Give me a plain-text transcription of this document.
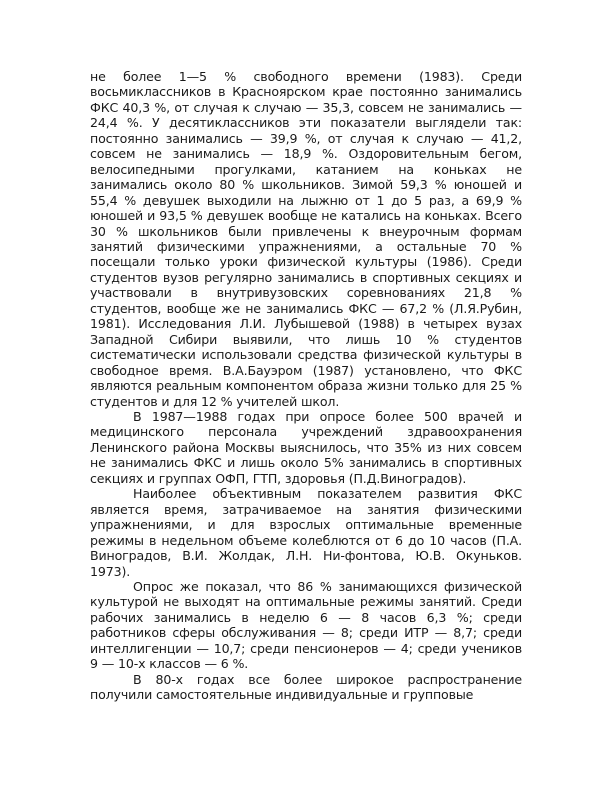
не более 1—5 % свободного времени (1983). Среди восьмиклассников в Красноярском крае постоянно занимались ФКС 40,3 %, от случая к случаю — 35,3, совсем не занимались — 24,4 %. У десятиклассников эти показатели выглядели так: постоянно занимались — 39,9 %, от случая к случаю — 41,2, совсем не занимались — 18,9 %. Оздоровительным бегом, велосипедными прогулками, катанием на коньках не занимались около 80 % школьников. Зимой 59,3 % юношей и 55,4 % девушек выходили на лыжню от 1 до 5 раз, а 69,9 % юношей и 93,5 % девушек вообще не катались на коньках. Всего 30 % школьников были привлечены к внеурочным формам занятий физическими упражнениями, а остальные 70 % посещали только уроки физической культуры (1986). Среди студентов вузов регулярно занимались в спортивных секциях и участвовали в внутривузовских соревнованиях 21,8 % студентов, вообще же не занимались ФКС — 67,2 % (Л.Я.Рубин, 1981). Исследования Л.И. Лубышевой (1988) в четырех вузах Западной Сибири выявили, что лишь 10 % студентов систематически использовали средства физической культуры в свободное время. В.А.Бауэром (1987) установлено, что ФКС являются реальным компонентом образа жизни только для 25 % студентов и для 12 % учителей школ.

В 1987—1988 годах при опросе более 500 врачей и медицинского персонала учреждений здравоохранения Ленинского района Москвы выяснилось, что 35% из них совсем не занимались ФКС и лишь около 5% занимались в спортивных секциях и группах ОФП, ГТП, здоровья (П.Д.Виноградов).

Наиболее объективным показателем развития ФКС является время, затрачиваемое на занятия физическими упражнениями, и для взрослых оптимальные временные режимы в недельном объеме колеблются от 6 до 10 часов (П.А. Виноградов, В.И. Жолдак, Л.Н. Ни-фонтова, Ю.В. Окуньков. 1973).

Опрос же показал, что 86 % занимающихся физической культурой не выходят на оптимальные режимы занятий. Среди рабочих занимались в неделю 6 — 8 часов 6,3 %; среди работников сферы обслуживания — 8; среди ИТР — 8,7; среди интеллигенции — 10,7; среди пенсионеров — 4; среди учеников 9 — 10-х классов — 6 %.

В 80-х годах все более широкое распространение получили самостоятельные индивидуальные и групповые
